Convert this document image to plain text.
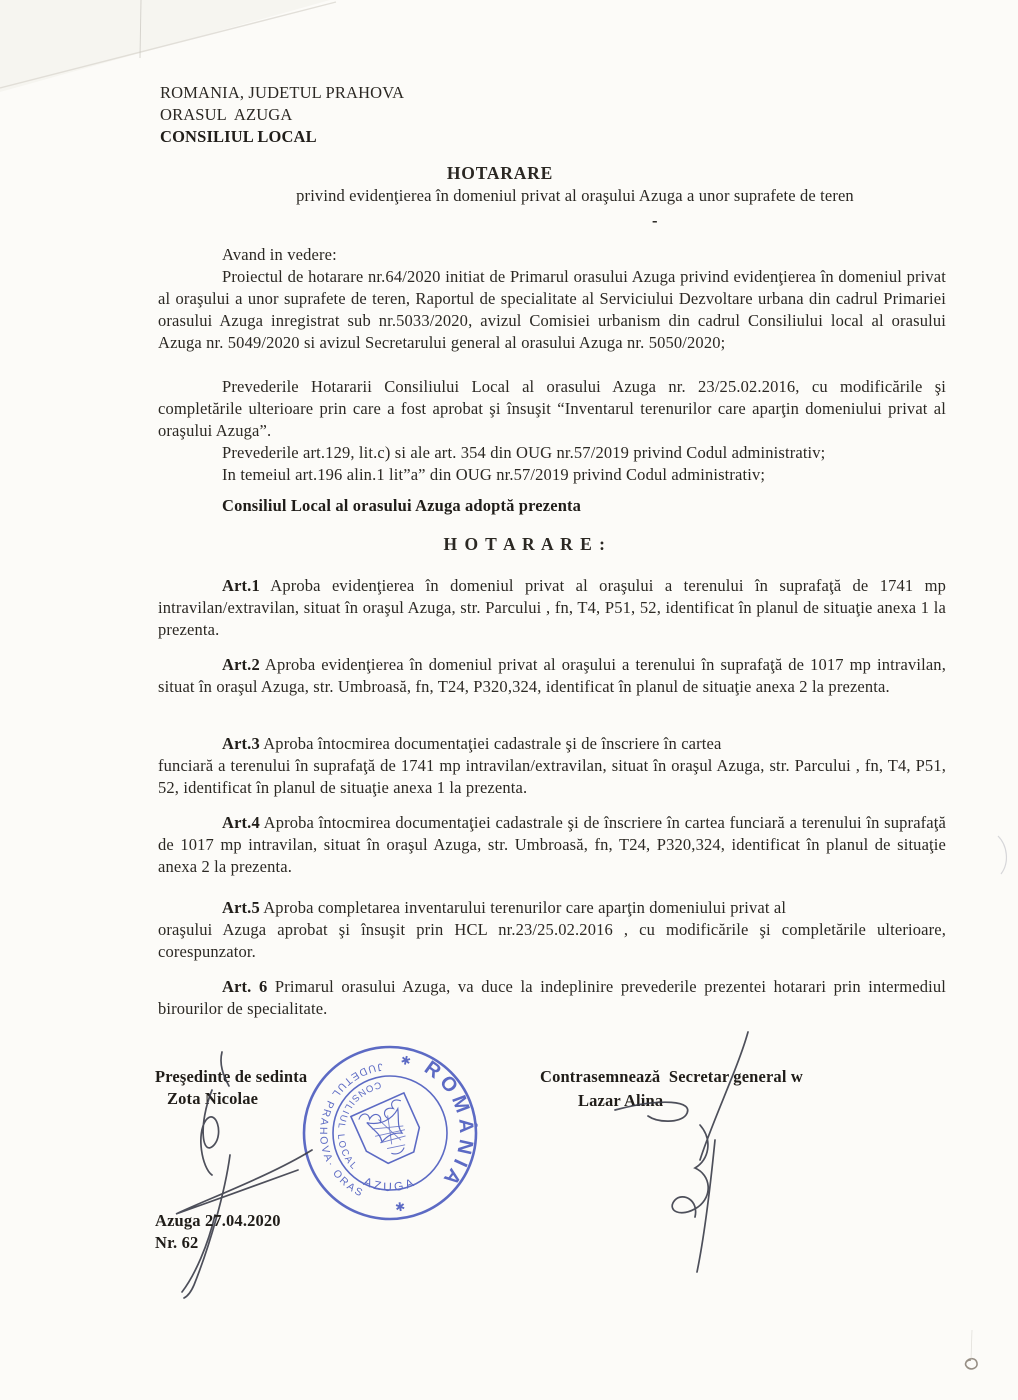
ROMANIA, JUDETUL PRAHOVA
ORASUL  AZUGA
CONSILIUL LOCAL
HOTARARE
privind evidenţierea în domeniul privat al oraşului Azuga a unor suprafete de teren
-
Avand in vedere:
Proiectul de hotarare nr.64/2020 initiat de Primarul orasului Azuga privind evidenţierea în domeniul privat al oraşului a unor suprafete de teren, Raportul de specialitate al Serviciului Dezvoltare urbana din cadrul Primariei orasului Azuga inregistrat sub nr.5033/2020, avizul Comisiei urbanism din cadrul Consiliului local al orasului Azuga nr. 5049/2020 si avizul Secretarului general al orasului Azuga nr. 5050/2020;
Prevederile Hotararii Consiliului Local al orasului Azuga nr. 23/25.02.2016, cu modificările şi completările ulterioare prin care a fost aprobat şi însuşit “Inventarul terenurilor care aparţin domeniului privat al oraşului Azuga”.
Prevederile art.129, lit.c) si ale art. 354 din OUG nr.57/2019 privind Codul administrativ;
In temeiul art.196 alin.1 lit”a” din OUG nr.57/2019 privind Codul administrativ;
Consiliul Local al orasului Azuga adoptă prezenta
H O T A R A R E :
Art.1 Aproba evidenţierea în domeniul privat al oraşului a terenului în suprafaţă de 1741 mp intravilan/extravilan, situat în oraşul Azuga, str. Parcului , fn, T4, P51, 52, identificat în planul de situaţie anexa 1 la prezenta.
Art.2 Aproba evidenţierea în domeniul privat al oraşului a terenului în suprafaţă de 1017 mp intravilan, situat în oraşul Azuga, str. Umbroasă, fn, T24, P320,324, identificat în planul de situaţie anexa 2 la prezenta.
Art.3 Aproba întocmirea documentaţiei cadastrale şi de înscriere în cartea
funciară a terenului în suprafaţă de 1741 mp intravilan/extravilan, situat în oraşul Azuga, str. Parcului , fn, T4, P51, 52, identificat în planul de situaţie anexa 1 la prezenta.
Art.4 Aproba întocmirea documentaţiei cadastrale şi de înscriere în cartea funciară a terenului în suprafaţă de 1017 mp intravilan, situat în oraşul Azuga, str. Umbroasă, fn, T24, P320,324, identificat în planul de situaţie anexa 2 la prezenta.
Art.5 Aproba completarea inventarului terenurilor care aparţin domeniului privat al
oraşului Azuga aprobat şi însuşit prin HCL nr.23/25.02.2016 , cu modificările şi completările ulterioare, corespunzator.
Art. 6 Primarul orasului Azuga, va duce la indeplinire prevederile prezentei hotarari prin intermediul birourilor de specialitate.
Preşedinte de sedinta
Zota Nicolae
Contrasemnează  Secretar general w
Lazar Alina
ROMÂNIA
✱
✱
JUDETUL PRAHOVA· ORAS
CONSILIUL LOCAL
AZUGA
Azuga 27.04.2020
Nr. 62
